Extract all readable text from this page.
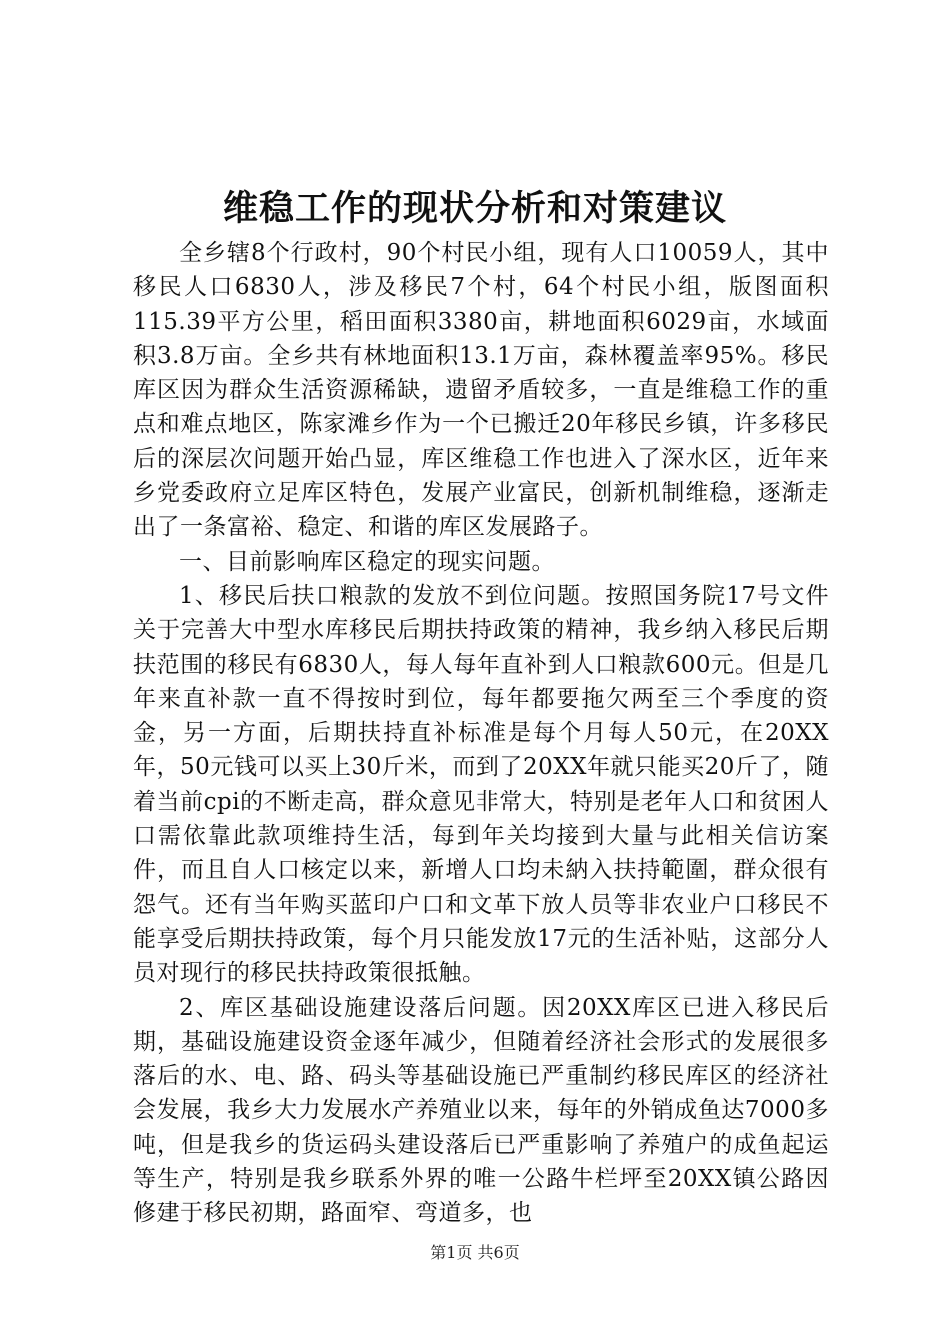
维稳工作的现状分析和对策建议

全乡辖8个行政村，90个村民小组，现有人口10059人，其中移民人口6830人，涉及移民7个村，64个村民小组，版图面积115.39平方公里，稻田面积3380亩，耕地面积6029亩，水域面积3.8万亩。全乡共有林地面积13.1万亩，森林覆盖率95%。移民库区因为群众生活资源稀缺，遗留矛盾较多，一直是维稳工作的重点和难点地区，陈家滩乡作为一个已搬迁20年移民乡镇，许多移民后的深层次问题开始凸显，库区维稳工作也进入了深水区，近年来乡党委政府立足库区特色，发展产业富民，创新机制维稳，逐渐走出了一条富裕、稳定、和谐的库区发展路子。

一、目前影响库区稳定的现实问题。

1、移民后扶口粮款的发放不到位问题。按照国务院17号文件关于完善大中型水库移民后期扶持政策的精神，我乡纳入移民后期扶范围的移民有6830人，每人每年直补到人口粮款600元。但是几年来直补款一直不得按时到位，每年都要拖欠两至三个季度的资金，另一方面，后期扶持直补标准是每个月每人50元，在20XX年，50元钱可以买上30斤米，而到了20XX年就只能买20斤了，随着当前cpi的不断走高，群众意见非常大，特别是老年人口和贫困人口需依靠此款项维持生活，每到年关均接到大量与此相关信访案件，而且自人口核定以来，新增人口均未納入扶持範圍，群众很有怨气。还有当年购买蓝印户口和文革下放人员等非农业户口移民不能享受后期扶持政策，每个月只能发放17元的生活补贴，这部分人员对现行的移民扶持政策很抵触。

2、库区基础设施建设落后问题。因20XX库区已进入移民后期，基础设施建设资金逐年减少，但随着经济社会形式的发展很多落后的水、电、路、码头等基础设施已严重制约移民库区的经济社会发展，我乡大力发展水产养殖业以来，每年的外销成鱼达7000多吨，但是我乡的货运码头建设落后已严重影响了养殖户的成鱼起运等生产，特别是我乡联系外界的唯一公路牛栏坪至20XX镇公路因修建于移民初期，路面窄、弯道多，也

第1页 共6页
